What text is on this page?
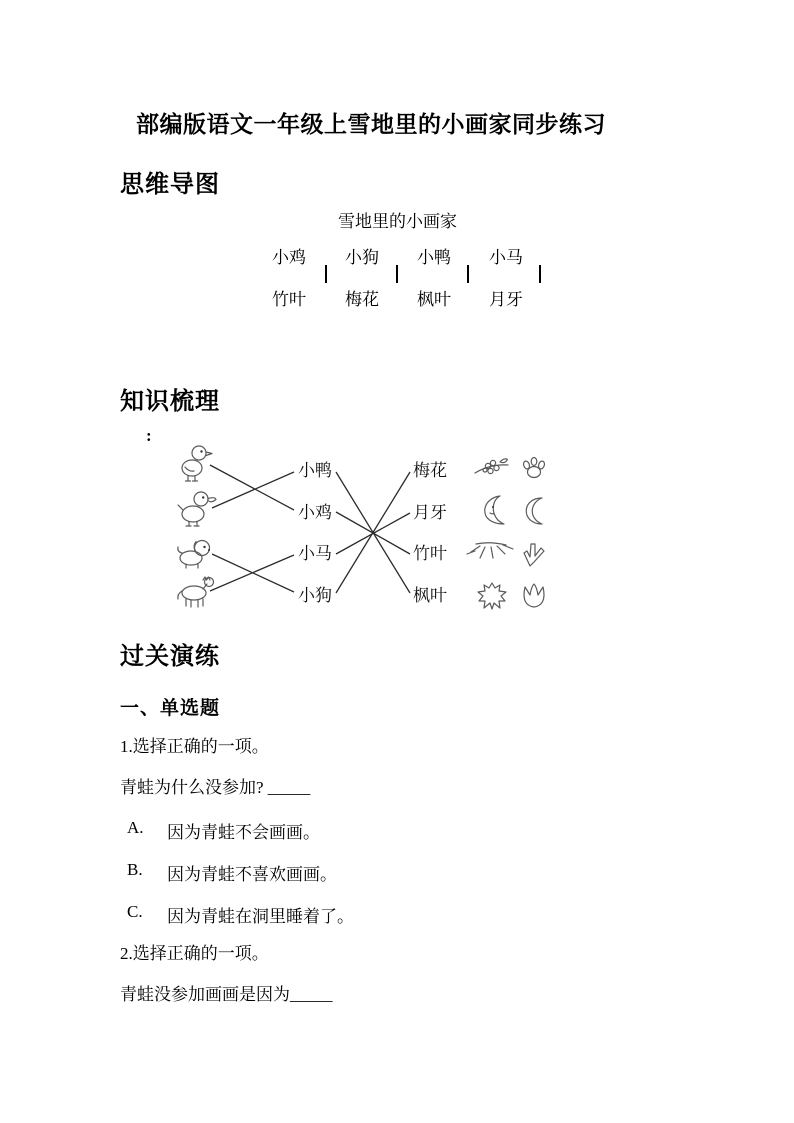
部编版语文一年级上雪地里的小画家同步练习
思维导图
雪地里的小画家
小鸡 小狗 小鸭 小马
竹叶 梅花 枫叶 月牙
知识梳理
:
小鸭
小鸡
小马
小狗
梅花
月牙
竹叶
枫叶
过关演练
一、单选题
1.选择正确的一项。
青蛙为什么没参加? _____
A. 因为青蛙不会画画。
B. 因为青蛙不喜欢画画。
C. 因为青蛙在洞里睡着了。
2.选择正确的一项。
青蛙没参加画画是因为_____
